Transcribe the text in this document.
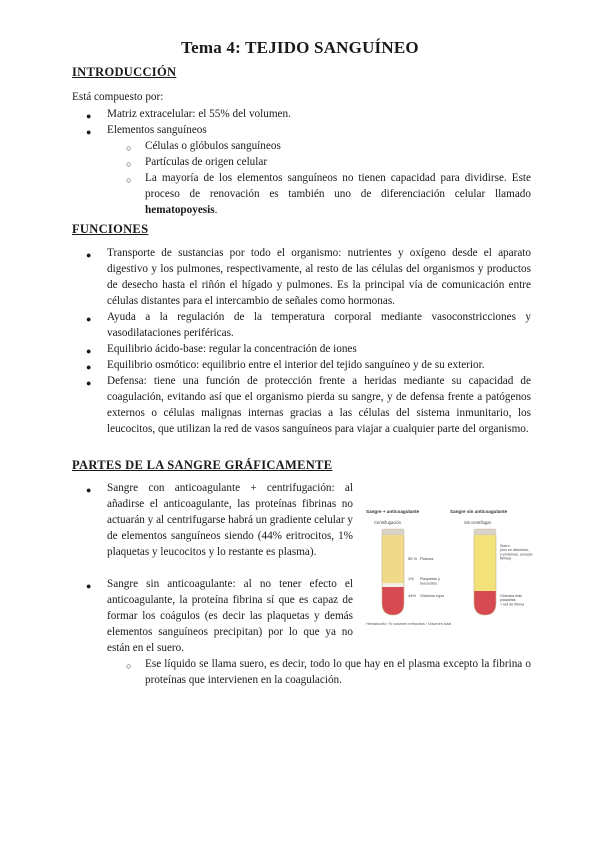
Tema 4: TEJIDO SANGUÍNEO
INTRODUCCIÓN
Está compuesto por:
● Matriz extracelular: el 55% del volumen.
● Elementos sanguíneos
○ Células o glóbulos sanguíneos
○ Partículas de origen celular
○ La mayoría de los elementos sanguíneos no tienen capacidad para dividirse. Este proceso de renovación es también uno de diferenciación celular llamado hematopoyesis.
FUNCIONES
● Transporte de sustancias por todo el organismo: nutrientes y oxígeno desde el aparato digestivo y los pulmones, respectivamente, al resto de las células del organismos y productos de desecho hasta el riñón el hígado y pulmones. Es la principal vía de comunicación entre células distantes para el intercambio de señales como hormonas.
● Ayuda a la regulación de la temperatura corporal mediante vasoconstricciones y vasodilataciones periféricas.
● Equilibrio ácido-base: regular la concentración de iones
● Equilibrio osmótico: equilibrio entre el interior del tejido sanguíneo y de su exterior.
● Defensa: tiene una función de protección frente a heridas mediante su capacidad de coagulación, evitando así que el organismo pierda su sangre, y de defensa frente a patógenos externos o células malignas internas gracias a las células del sistema inmunitario, los leucocitos, que utilizan la red de vasos sanguíneos para viajar a cualquier parte del organismo.
PARTES DE LA SANGRE GRÁFICAMENTE
● Sangre con anticoagulante + centrifugación: al añadirse el anticoagulante, las proteínas fibrinas no actuarán y al centrifugarse habrá un gradiente celular y de elementos sanguíneos siendo (44% eritrocitos, 1% plaquetas y leucocitos y lo restante es plasma).
● Sangre sin anticoagulante: al no tener efecto el anticoagulante, la proteína fibrina sí que es capaz de formar los coágulos (es decir las plaquetas y demás elementos sanguíneos precipitan) por lo que ya no están en el suero.
○ Ese líquido se llama suero, es decir, todo lo que hay en el plasma excepto la fibrina o proteínas que intervienen en la coagulación.
Sangre + anticoagulante	Sangre sin anticoagulante
Centrifugación	Sin centrifugar
55 % Plasma
1% Plaquetas y leucocitos
44% Glóbulos rojos
Suero (rico en albúmina, γ-proteínas, excepto fibrina)
Glóbulos más plaquetas + red de fibrina
Hematocrito: % volumen eritrocitos / Volumen total
